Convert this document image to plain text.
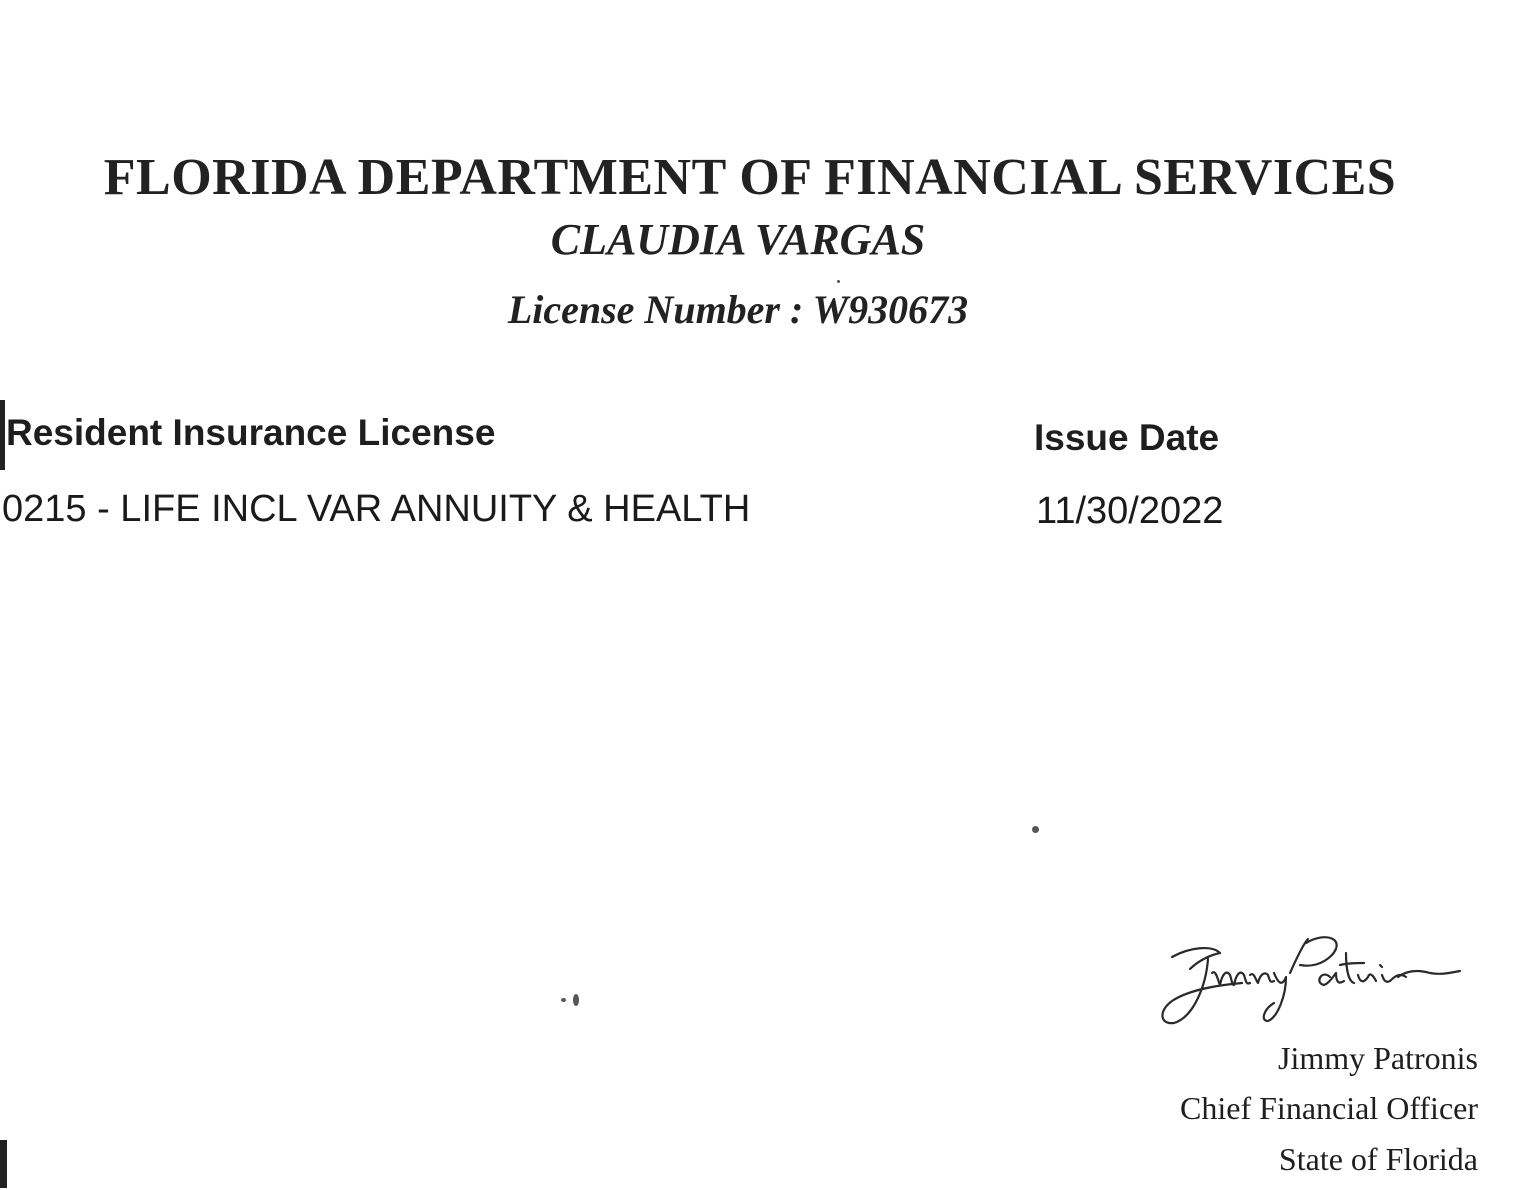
FLORIDA DEPARTMENT OF FINANCIAL SERVICES
CLAUDIA VARGAS
License Number : W930673
Resident Insurance License	Issue Date
0215 - LIFE INCL VAR ANNUITY & HEALTH	11/30/2022
Jimmy Patronis
Chief Financial Officer
State of Florida
